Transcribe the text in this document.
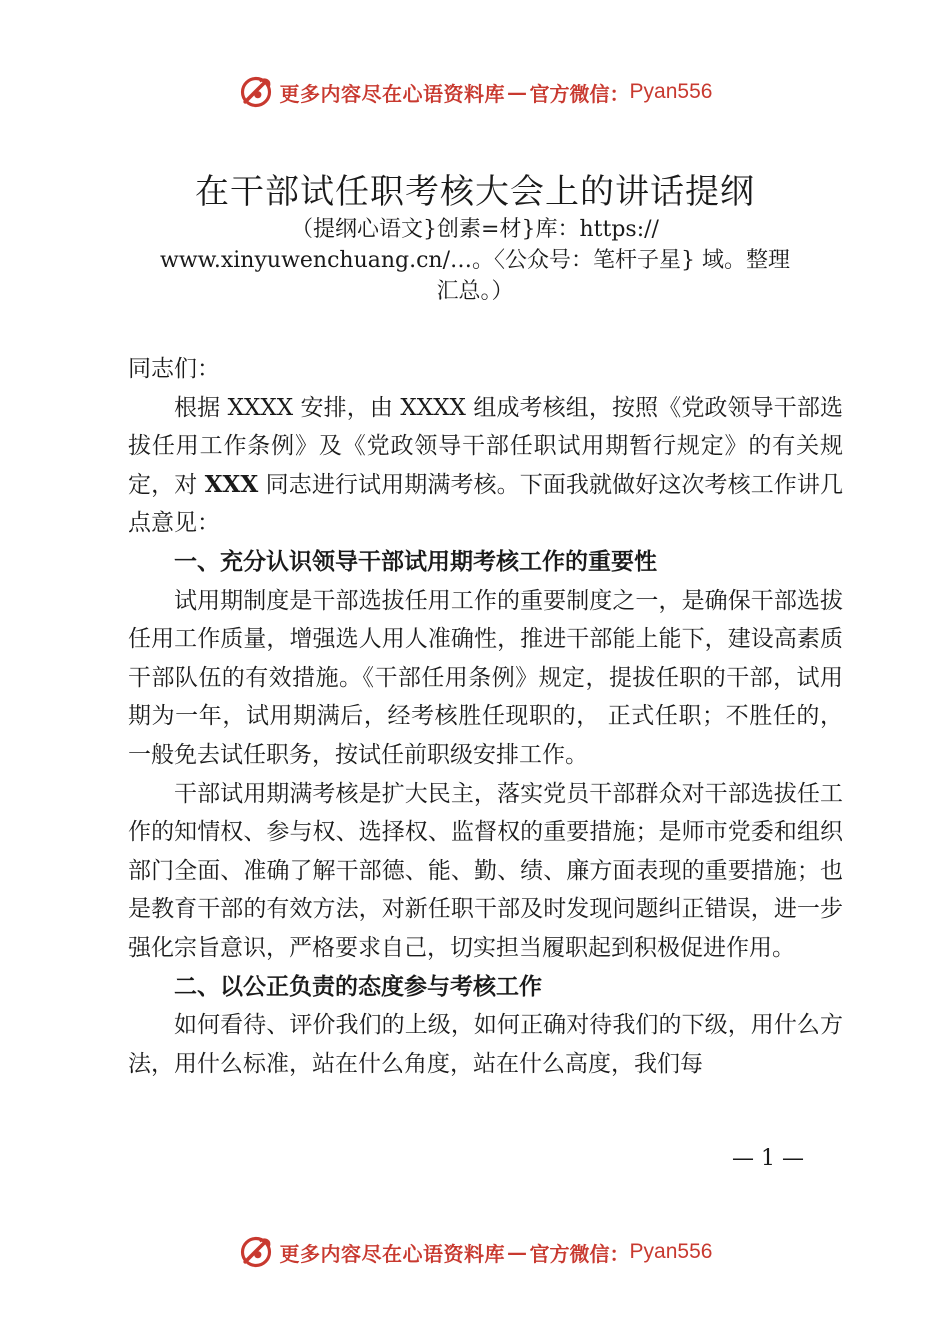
更多内容尽在心语资料库 — 官方微信： Pyan556
在干部试任职考核大会上的讲话提纲
（提纲心语文}创素=材}库：https:// www.xinyuwenchuang.cn/…。〈公众号：笔杆子星} 域。整理汇总。）

同志们：

根据 XXXX 安排，由 XXXX 组成考核组，按照《党政领导干部选拔任用工作条例》及《党政领导干部任职试用期暂行规定》的有关规定，对 XXX 同志进行试用期满考核。下面我就做好这次考核工作讲几点意见：

一、充分认识领导干部试用期考核工作的重要性

试用期制度是干部选拔任用工作的重要制度之一，是确保干部选拔任用工作质量，增强选人用人准确性，推进干部能上能下，建设高素质干部队伍的有效措施。《干部任用条例》规定，提拔任职的干部，试用期为一年，试用期满后，经考核胜任现职的， 正式任职；不胜任的，一般免去试任职务，按试任前职级安排工作。

干部试用期满考核是扩大民主，落实党员干部群众对干部选拔任工作的知情权、参与权、选择权、监督权的重要措施；是师市党委和组织部门全面、准确了解干部德、能、勤、绩、廉方面表现的重要措施；也是教育干部的有效方法，对新任职干部及时发现问题纠正错误，进一步强化宗旨意识，严格要求自己，切实担当履职起到积极促进作用。

二、以公正负责的态度参与考核工作

如何看待、评价我们的上级，如何正确对待我们的下级，用什么方法，用什么标准，站在什么角度，站在什么高度，我们每

— 1 —
更多内容尽在心语资料库 — 官方微信： Pyan556
